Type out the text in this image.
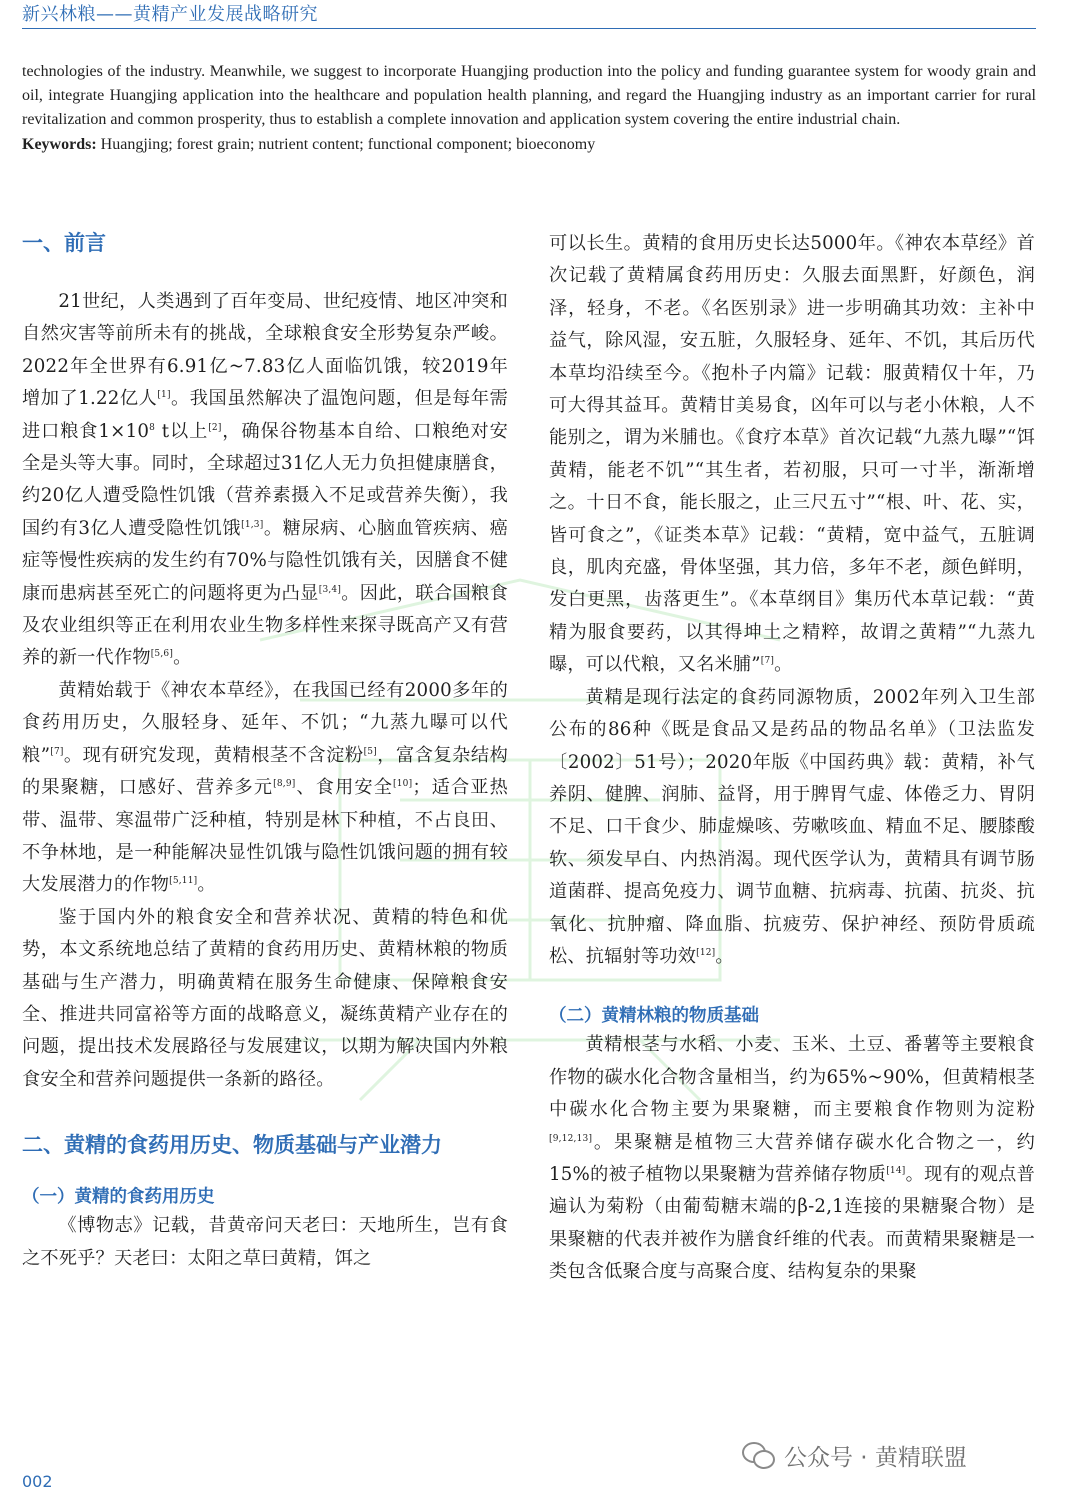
新兴林粮——黄精产业发展战略研究

technologies of the industry. Meanwhile, we suggest to incorporate Huangjing production into the policy and funding guarantee system for woody grain and oil, integrate Huangjing application into the healthcare and population health planning, and regard the Huangjing industry as an important carrier for rural revitalization and common prosperity, thus to establish a complete innovation and application system covering the entire industrial chain.

Keywords: Huangjing; forest grain; nutrient content; functional component; bioeconomy

一、前言

21世纪，人类遇到了百年变局、世纪疫情、地区冲突和自然灾害等前所未有的挑战，全球粮食安全形势复杂严峻。2022年全世界有6.91亿~7.83亿人面临饥饿，较2019年增加了1.22亿人[1]。我国虽然解决了温饱问题，但是每年需进口粮食$1\times 10^8$ t以上[2]，确保谷物基本自给、口粮绝对安全是头等大事。同时，全球超过31亿人无力负担健康膳食，约20亿人遭受隐性饥饿（营养素摄入不足或营养失衡），我国约有3亿人遭受隐性饥饿[1,3]。糖尿病、心脑血管疾病、癌症等慢性疾病的发生约有70%与隐性饥饿有关，因膳食不健康而患病甚至死亡的问题将更为凸显[3,4]。因此，联合国粮食及农业组织等正在利用农业生物多样性来探寻既高产又有营养的新一代作物[5,6]。

黄精始载于《神农本草经》，在我国已经有2000多年的食药用历史，久服轻身、延年、不饥；“九蒸九曝可以代粮”[7]。现有研究发现，黄精根茎不含淀粉[5]，富含复杂结构的果聚糖，口感好、营养多元[8,9]、食用安全[10]；适合亚热带、温带、寒温带广泛种植，特别是林下种植，不占良田、不争林地，是一种能解决显性饥饿与隐性饥饿问题的拥有较大发展潜力的作物[5,11]。

鉴于国内外的粮食安全和营养状况、黄精的特色和优势，本文系统地总结了黄精的食药用历史、黄精林粮的物质基础与生产潜力，明确黄精在服务生命健康、保障粮食安全、推进共同富裕等方面的战略意义，凝练黄精产业存在的问题，提出技术发展路径与发展建议，以期为解决国内外粮食安全和营养问题提供一条新的路径。

二、黄精的食药用历史、物质基础与产业潜力
（一）黄精的食药用历史

《博物志》记载，昔黄帝问天老曰：天地所生，岂有食之不死乎？天老曰：太阳之草曰黄精，饵之

可以长生。黄精的食用历史长达5000年。《神农本草经》首次记载了黄精属食药用历史：久服去面黑䵟，好颜色，润泽，轻身，不老。《名医别录》进一步明确其功效：主补中益气，除风湿，安五脏，久服轻身、延年、不饥，其后历代本草均沿续至今。《抱朴子内篇》记载：服黄精仅十年，乃可大得其益耳。黄精甘美易食，凶年可以与老小休粮，人不能别之，谓为米脯也。《食疗本草》首次记载“九蒸九曝”“饵黄精，能老不饥”“其生者，若初服，只可一寸半，渐渐增之。十日不食，能长服之，止三尺五寸”“根、叶、花、实，皆可食之”，《证类本草》记载：“黄精，宽中益气，五脏调良，肌肉充盛，骨体坚强，其力倍，多年不老，颜色鲜明，发白更黑，齿落更生”。《本草纲目》集历代本草记载：“黄精为服食要药，以其得坤土之精粹，故谓之黄精”“九蒸九曝，可以代粮，又名米脯”[7]。

黄精是现行法定的食药同源物质，2002年列入卫生部公布的86种《既是食品又是药品的物品名单》（卫法监发〔2002〕51号）；2020年版《中国药典》载：黄精，补气养阴、健脾、润肺、益肾，用于脾胃气虚、体倦乏力、胃阴不足、口干食少、肺虚燥咳、劳嗽咳血、精血不足、腰膝酸软、须发早白、内热消渴。现代医学认为，黄精具有调节肠道菌群、提高免疫力、调节血糖、抗病毒、抗菌、抗炎、抗氧化、抗肿瘤、降血脂、抗疲劳、保护神经、预防骨质疏松、抗辐射等功效[12]。

（二）黄精林粮的物质基础

黄精根茎与水稻、小麦、玉米、土豆、番薯等主要粮食作物的碳水化合物含量相当，约为65%~90%，但黄精根茎中碳水化合物主要为果聚糖，而主要粮食作物则为淀粉[9,12,13]。果聚糖是植物三大营养储存碳水化合物之一，约15%的被子植物以果聚糖为营养储存物质[14]。现有的观点普遍认为菊粉（由葡萄糖末端的β-2,1连接的果糖聚合物）是果聚糖的代表并被作为膳食纤维的代表。而黄精果聚糖是一类包含低聚合度与高聚合度、结构复杂的果聚

公众号 · 黄精联盟
002
